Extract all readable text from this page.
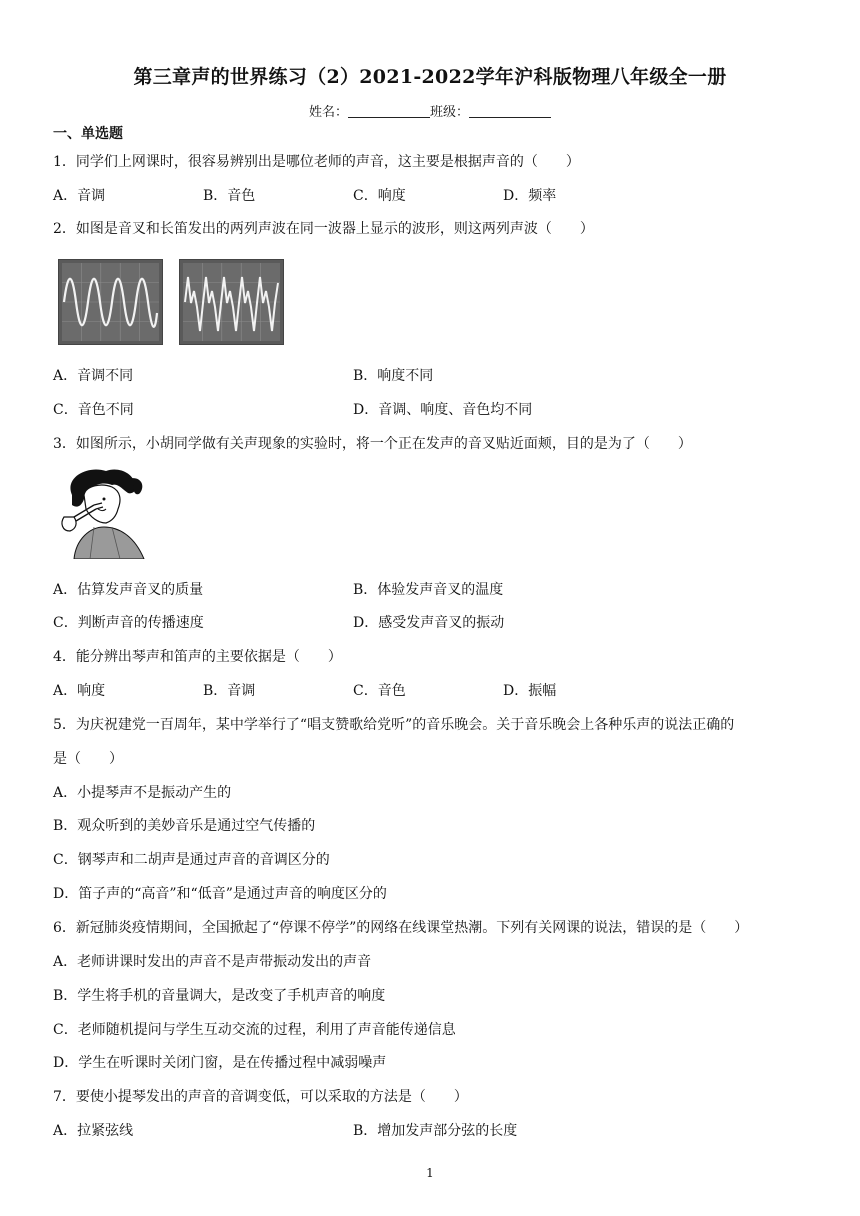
第三章声的世界练习（2）2021-2022学年沪科版物理八年级全一册
姓名：	班级：
一、单选题
1．同学们上网课时，很容易辨别出是哪位老师的声音，这主要是根据声音的（　　）
A．音调	B．音色	C．响度	D．频率
2．如图是音叉和长笛发出的两列声波在同一波器上显示的波形，则这两列声波（　　）
A．音调不同	B．响度不同
C．音色不同	D．音调、响度、音色均不同
3．如图所示，小胡同学做有关声现象的实验时，将一个正在发声的音叉贴近面颊，目的是为了（　　）
A．估算发声音叉的质量	B．体验发声音叉的温度
C．判断声音的传播速度	D．感受发声音叉的振动
4．能分辨出琴声和笛声的主要依据是（　　）
A．响度	B．音调	C．音色	D．振幅
5．为庆祝建党一百周年，某中学举行了“唱支赞歌给党听”的音乐晚会。关于音乐晚会上各种乐声的说法正确的
是（　　）
A．小提琴声不是振动产生的
B．观众听到的美妙音乐是通过空气传播的
C．钢琴声和二胡声是通过声音的音调区分的
D．笛子声的“高音”和“低音”是通过声音的响度区分的
6．新冠肺炎疫情期间，全国掀起了“停课不停学”的网络在线课堂热潮。下列有关网课的说法，错误的是（　　）
A．老师讲课时发出的声音不是声带振动发出的声音
B．学生将手机的音量调大，是改变了手机声音的响度
C．老师随机提问与学生互动交流的过程，利用了声音能传递信息
D．学生在听课时关闭门窗，是在传播过程中减弱噪声
7．要使小提琴发出的声音的音调变低，可以采取的方法是（　　）
A．拉紧弦线	B．增加发声部分弦的长度
1
